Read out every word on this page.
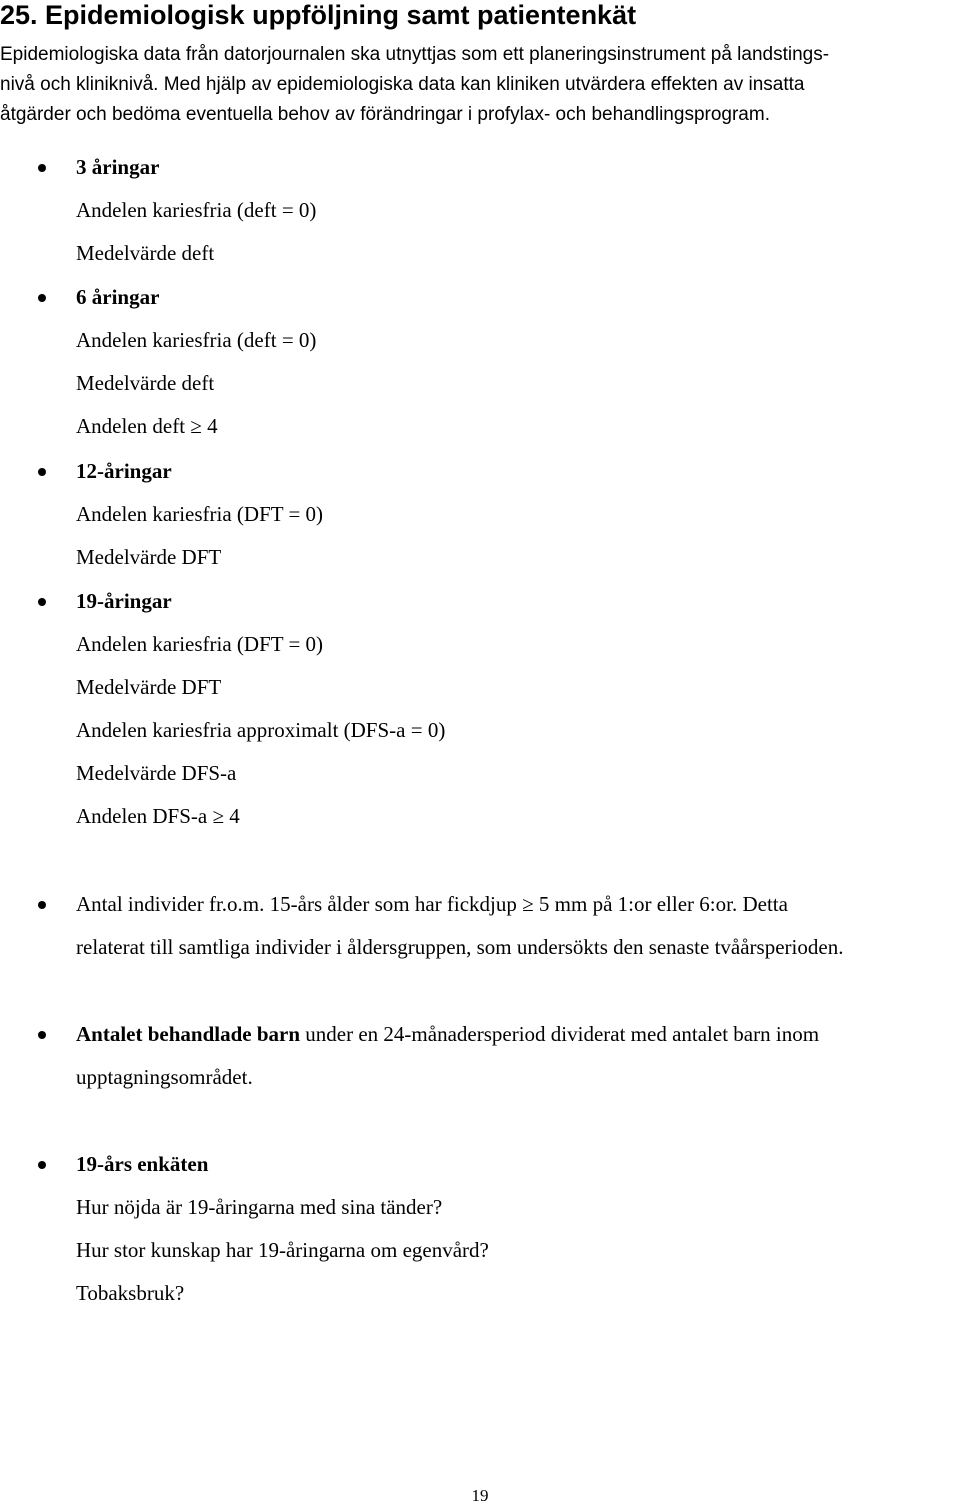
25. Epidemiologisk uppföljning samt patientenkät
Epidemiologiska data från datorjournalen ska utnyttjas som ett planeringsinstrument på landstings-
nivå och kliniknivå. Med hjälp av epidemiologiska data kan kliniken utvärdera effekten av insatta
åtgärder och bedöma eventuella behov av förändringar i profylax- och behandlingsprogram.
3 åringar
Andelen kariesfria (deft = 0)
Medelvärde deft
6 åringar
Andelen kariesfria (deft = 0)
Medelvärde deft
Andelen deft ≥ 4
12-åringar
Andelen kariesfria (DFT = 0)
Medelvärde DFT
19-åringar
Andelen kariesfria (DFT = 0)
Medelvärde DFT
Andelen kariesfria approximalt (DFS-a = 0)
Medelvärde DFS-a
Andelen DFS-a ≥ 4
Antal individer fr.o.m. 15-års ålder som har fickdjup ≥ 5 mm på 1:or eller 6:or. Detta
relaterat till samtliga individer i åldersgruppen, som undersökts den senaste tvåårsperioden.
Antalet behandlade barn under en 24-månadersperiod dividerat med antalet barn inom
upptagningsområdet.
19-års enkäten
Hur nöjda är 19-åringarna med sina tänder?
Hur stor kunskap har 19-åringarna om egenvård?
Tobaksbruk?
19
